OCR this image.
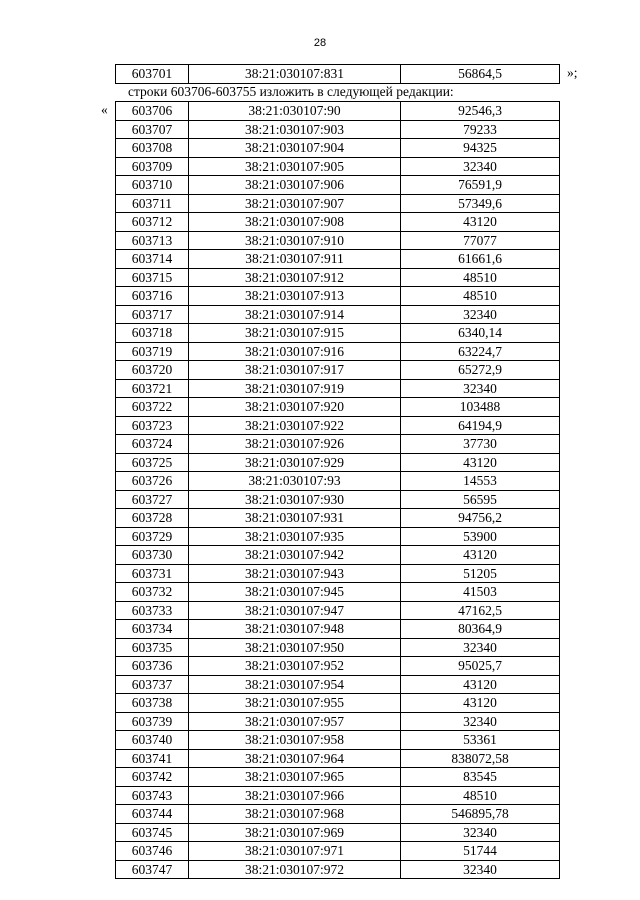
28
603701	38:21:030107:831	56864,5	»;
строки 603706-603755 изложить в следующей редакции:
« 603706	38:21:030107:90	92546,3
603707	38:21:030107:903	79233
603708	38:21:030107:904	94325
603709	38:21:030107:905	32340
603710	38:21:030107:906	76591,9
603711	38:21:030107:907	57349,6
603712	38:21:030107:908	43120
603713	38:21:030107:910	77077
603714	38:21:030107:911	61661,6
603715	38:21:030107:912	48510
603716	38:21:030107:913	48510
603717	38:21:030107:914	32340
603718	38:21:030107:915	6340,14
603719	38:21:030107:916	63224,7
603720	38:21:030107:917	65272,9
603721	38:21:030107:919	32340
603722	38:21:030107:920	103488
603723	38:21:030107:922	64194,9
603724	38:21:030107:926	37730
603725	38:21:030107:929	43120
603726	38:21:030107:93	14553
603727	38:21:030107:930	56595
603728	38:21:030107:931	94756,2
603729	38:21:030107:935	53900
603730	38:21:030107:942	43120
603731	38:21:030107:943	51205
603732	38:21:030107:945	41503
603733	38:21:030107:947	47162,5
603734	38:21:030107:948	80364,9
603735	38:21:030107:950	32340
603736	38:21:030107:952	95025,7
603737	38:21:030107:954	43120
603738	38:21:030107:955	43120
603739	38:21:030107:957	32340
603740	38:21:030107:958	53361
603741	38:21:030107:964	838072,58
603742	38:21:030107:965	83545
603743	38:21:030107:966	48510
603744	38:21:030107:968	546895,78
603745	38:21:030107:969	32340
603746	38:21:030107:971	51744
603747	38:21:030107:972	32340
